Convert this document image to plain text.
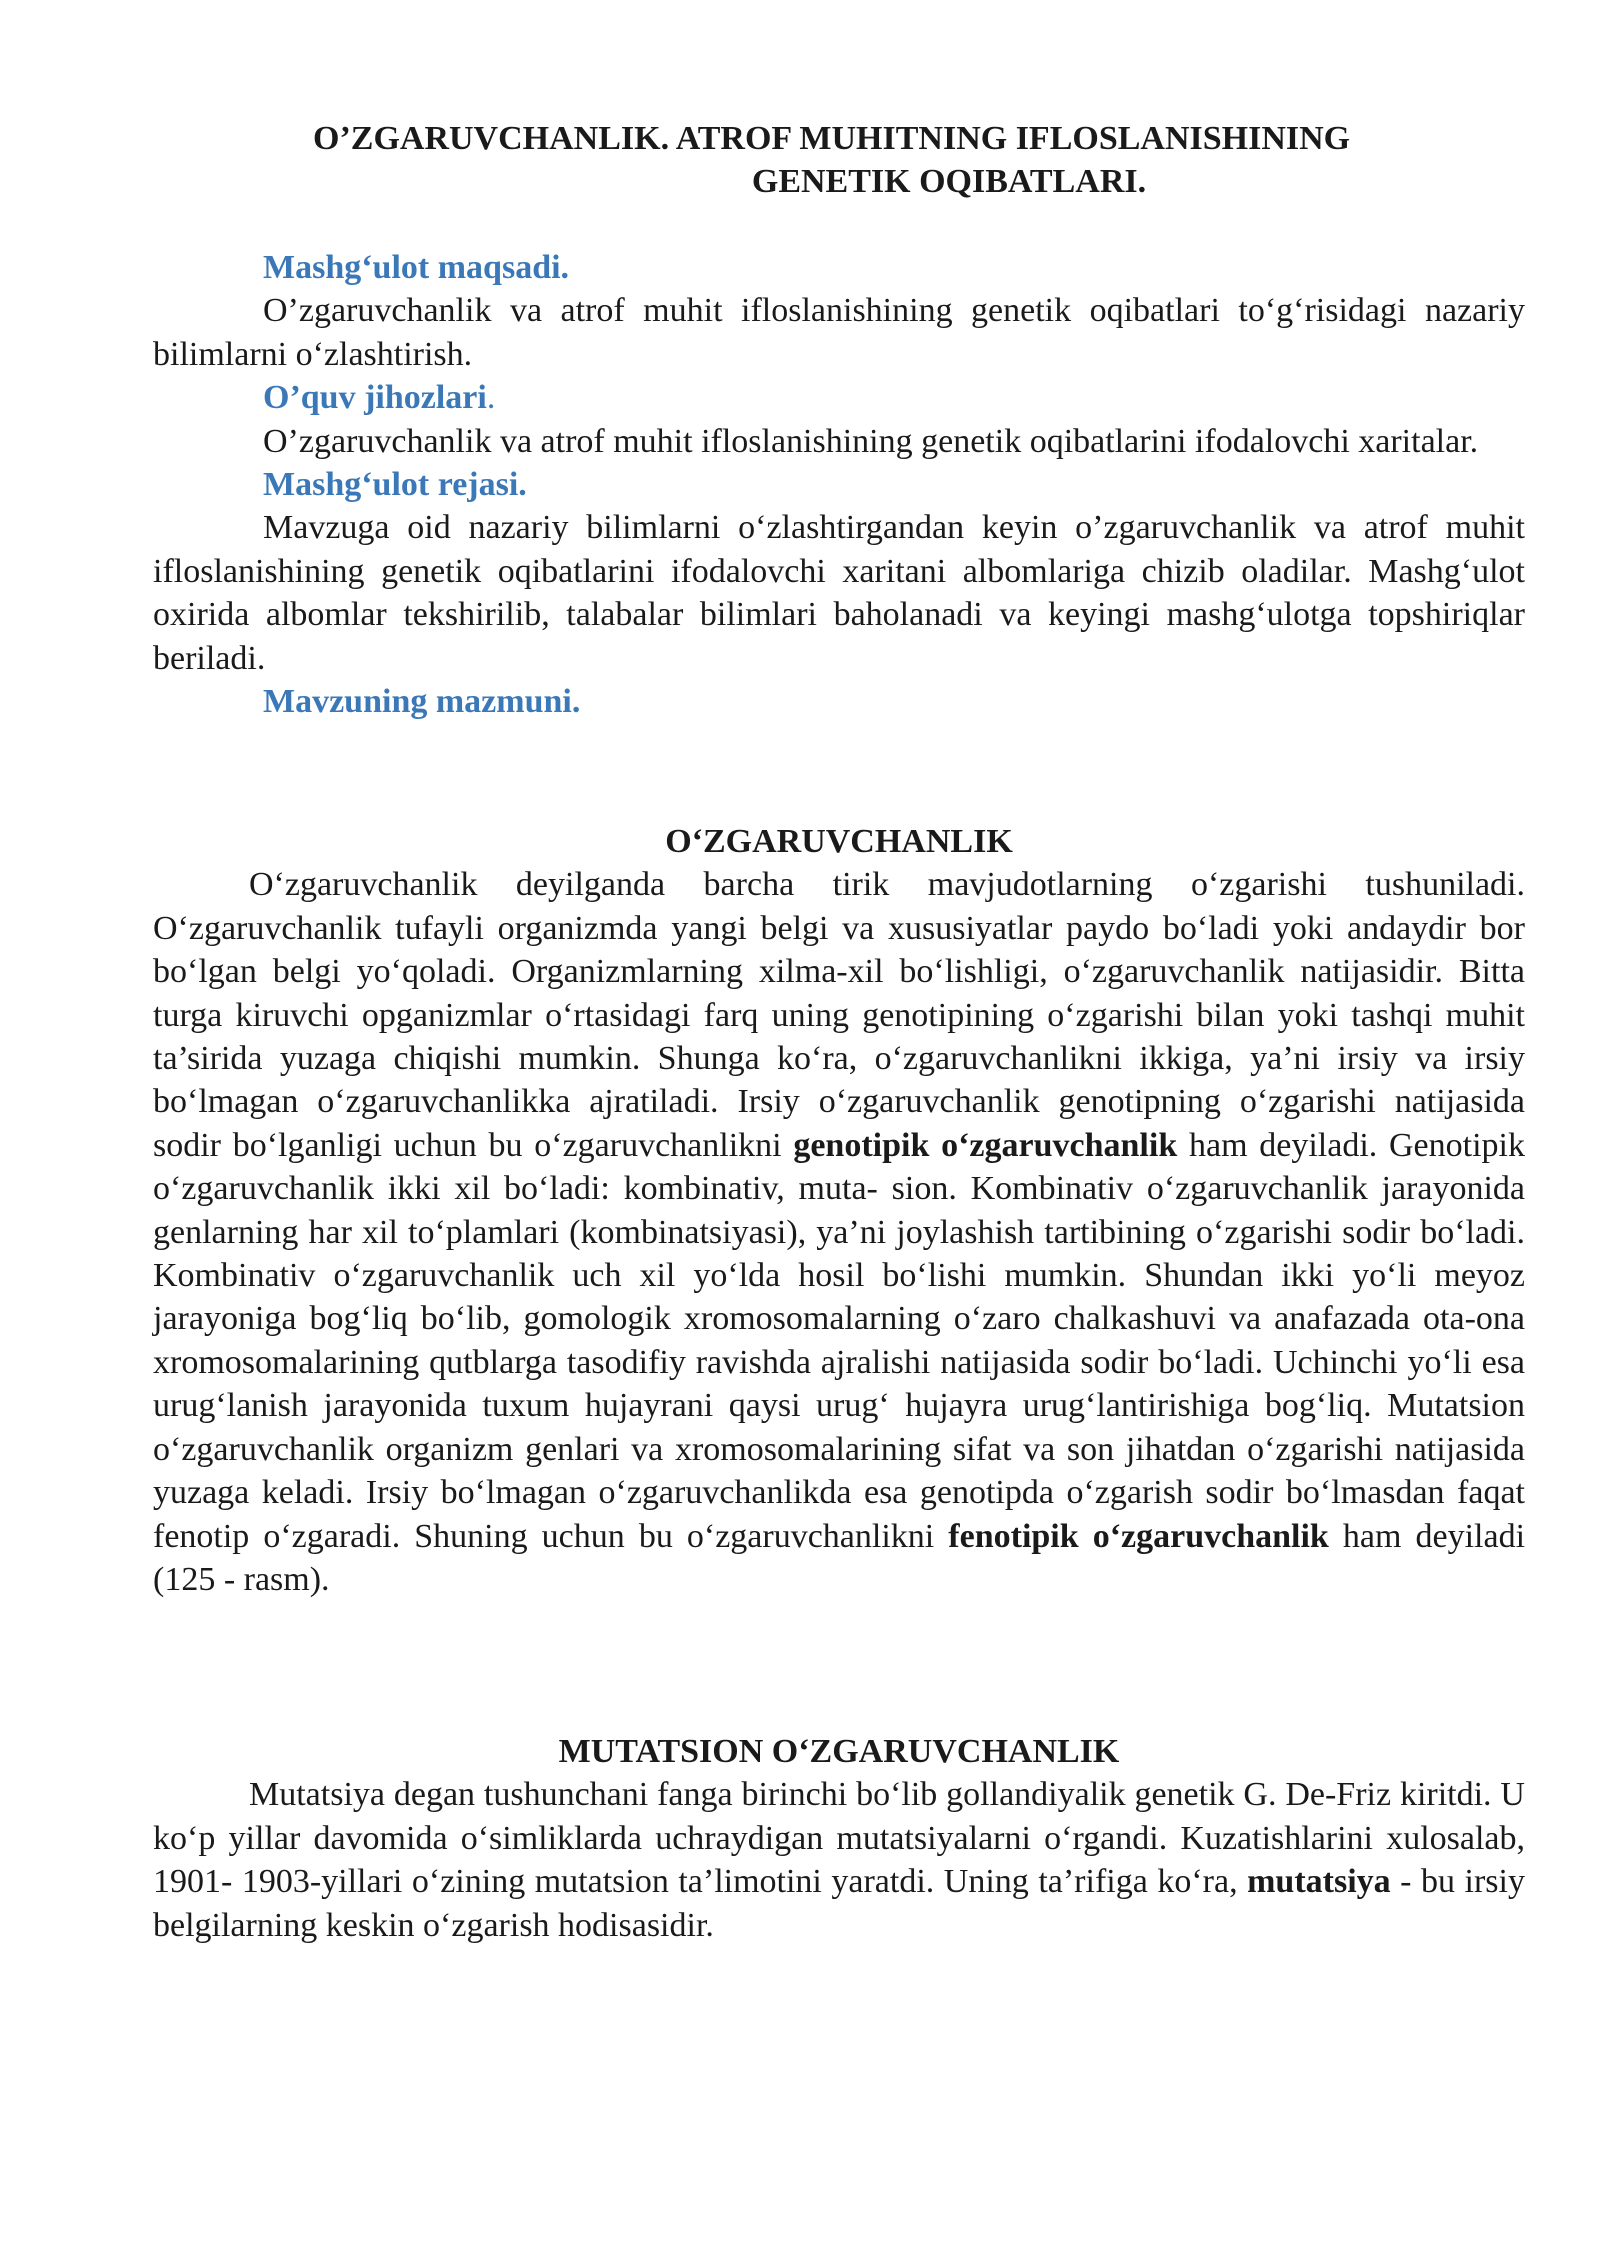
O’ZGARUVCHANLIK. ATROF MUHITNING IFLOSLANISHINING
GENETIK OQIBATLARI.
Mashg‘ulot maqsadi.

O’zgaruvchanlik va atrof muhit ifloslanishining genetik oqibatlari to‘g‘risidagi nazariy bilimlarni o‘zlashtirish.

O’quv jihozlari.

O’zgaruvchanlik va atrof muhit ifloslanishining genetik oqibatlarini ifodalovchi xaritalar.

Mashg‘ulot rejasi.

Mavzuga oid nazariy bilimlarni o‘zlashtirgandan keyin o’zgaruvchanlik va atrof muhit ifloslanishining genetik oqibatlarini ifodalovchi xaritani albomlariga chizib oladilar. Mashg‘ulot oxirida albomlar tekshirilib, talabalar bilimlari baholanadi va keyingi mashg‘ulotga topshiriqlar beriladi.

Mavzuning mazmuni.
O‘ZGARUVCHANLIK

O‘zgaruvchanlik deyilganda barcha tirik mavjudotlarning o‘zgarishi tushuniladi. O‘zgaruvchanlik tufayli organizmda yangi belgi va xususiyatlar paydo bo‘ladi yoki andaydir bor bo‘lgan belgi yo‘qoladi. Organizmlarning xilma-xil bo‘lishligi, o‘zgaruvchanlik natijasidir. Bitta turga kiruvchi opganizmlar o‘rtasidagi farq uning genotipining o‘zgarishi bilan yoki tashqi muhit ta’sirida yuzaga chiqishi mumkin. Shunga ko‘ra, o‘zgaruvchanlikni ikkiga, ya’ni irsiy va irsiy bo‘lmagan o‘zgaruvchanlikka ajratiladi. Irsiy o‘zgaruvchanlik genotipning o‘zgarishi natijasida sodir bo‘lganligi uchun bu o‘zgaruvchanlikni genotipik o‘zgaruvchanlik ham deyiladi. Genotipik o‘zgaruvchanlik ikki xil bo‘ladi: kombinativ, muta- sion. Kombinativ o‘zgaruvchanlik jarayonida genlarning har xil to‘plamlari (kombinatsiyasi), ya’ni joylashish tartibining o‘zgarishi sodir bo‘ladi. Kombinativ o‘zgaruvchanlik uch xil yo‘lda hosil bo‘lishi mumkin. Shundan ikki yo‘li meyoz jarayoniga bog‘liq bo‘lib, gomologik xromosomalarning o‘zaro chalkashuvi va anafazada ota-ona xromosomalarining qutblarga tasodifiy ravishda ajralishi natijasida sodir bo‘ladi. Uchinchi yo‘li esa urug‘lanish jarayonida tuxum hujayrani qaysi urug‘ hujayra urug‘lantirishiga bog‘liq. Mutatsion o‘zgaruvchanlik organizm genlari va xromosomalarining sifat va son jihatdan o‘zgarishi natijasida yuzaga keladi. Irsiy bo‘lmagan o‘zgaruvchanlikda esa genotipda o‘zgarish sodir bo‘lmasdan faqat fenotip o‘zgaradi. Shuning uchun bu o‘zgaruvchanlikni fenotipik o‘zgaruvchanlik ham deyiladi (125 - rasm).

MUTATSION O‘ZGARUVCHANLIK

Mutatsiya degan tushunchani fanga birinchi bo‘lib gollandiyalik genetik G. De-Friz kiritdi. U ko‘p yillar davomida o‘simliklarda uchraydigan mutatsiyalarni o‘rgandi. Kuzatishlarini xulosalab, 1901- 1903-yillari o‘zining mutatsion ta’limotini yaratdi. Uning ta’rifiga ko‘ra, mutatsiya - bu irsiy belgilarning keskin o‘zgarish hodisasidir.
